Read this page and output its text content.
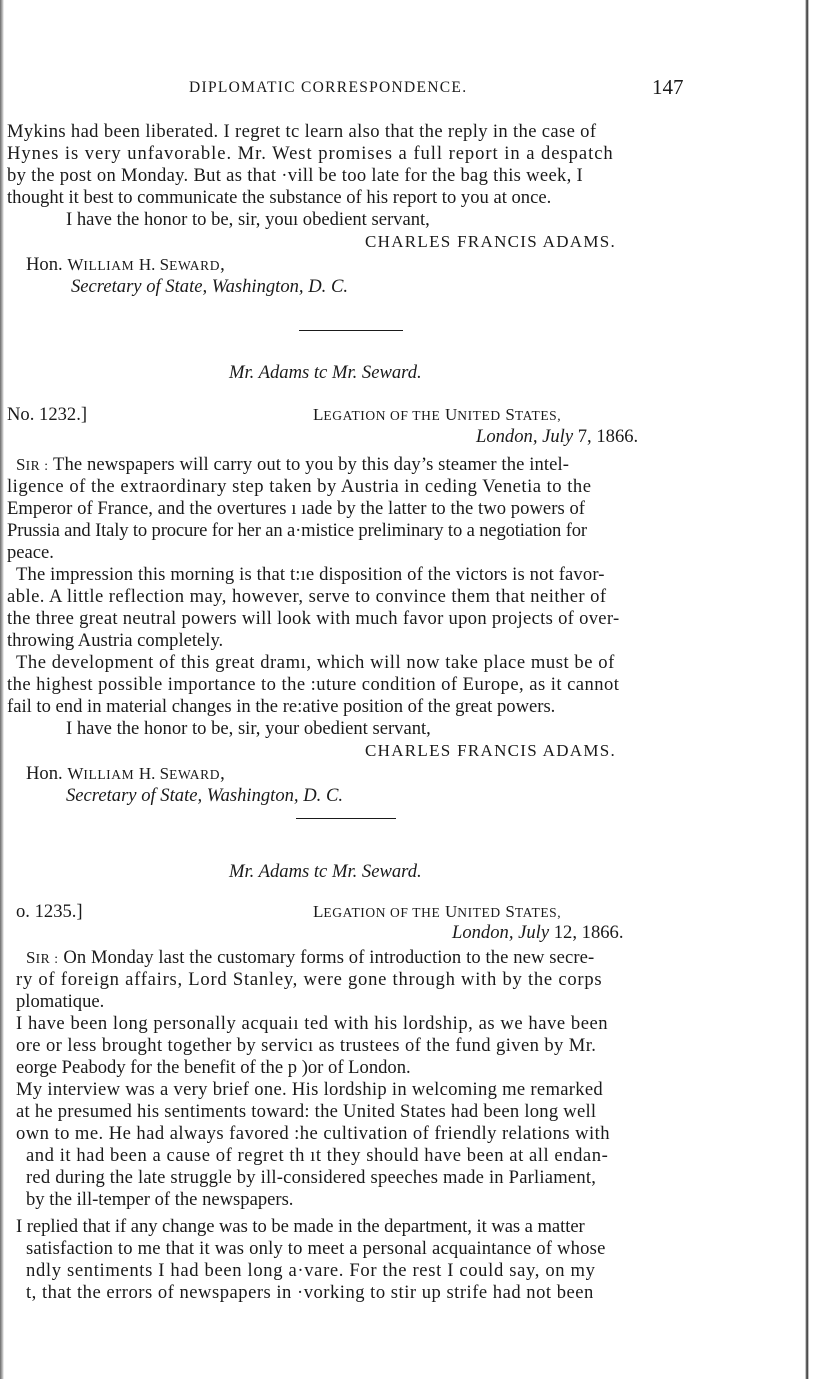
DIPLOMATIC CORRESPONDENCE.	147
Mykins had been liberated. I regret tc learn also that the reply in the case of
Hynes is very unfavorable. Mr. West promises a full report in a despatch
by the post on Monday. But as that ·vill be too late for the bag this week, I
thought it best to communicate the substance of his report to you at once.
I have the honor to be, sir, youı obedient servant,
CHARLES FRANCIS ADAMS.
Hon. WILLIAM H. SEWARD,
Secretary of State, Washington, D. C.
Mr. Adams tc Mr. Seward.
No. 1232.]	LEGATION OF THE UNITED STATES,
London, July 7, 1866.
SIR : The newspapers will carry out to you by this day’s steamer the intel-
ligence of the extraordinary step taken by Austria in ceding Venetia to the
Emperor of France, and the overtures ı ıade by the latter to the two powers of
Prussia and Italy to procure for her an a·mistice preliminary to a negotiation for
peace.
The impression this morning is that t:ıe disposition of the victors is not favor-
able. A little reflection may, however, serve to convince them that neither of
the three great neutral powers will look with much favor upon projects of over-
throwing Austria completely.
The development of this great dramı, which will now take place must be of
the highest possible importance to the :uture condition of Europe, as it cannot
fail to end in material changes in the re:ative position of the great powers.
I have the honor to be, sir, your obedient servant,
CHARLES FRANCIS ADAMS.
Hon. WILLIAM H. SEWARD,
Secretary of State, Washington, D. C.
Mr. Adams tc Mr. Seward.
o. 1235.]	LEGATION OF THE UNITED STATES,
London, July 12, 1866.
SIR : On Monday last the customary forms of introduction to the new secre-
ry of foreign affairs, Lord Stanley, were gone through with by the corps
plomatique.
I have been long personally acquaiı ted with his lordship, as we have been
ore or less brought together by servicı as trustees of the fund given by Mr.
eorge Peabody for the benefit of the p )or of London.
My interview was a very brief one. His lordship in welcoming me remarked
at he presumed his sentiments toward: the United States had been long well
own to me. He had always favored :he cultivation of friendly relations with
and it had been a cause of regret th ıt they should have been at all endan-
red during the late struggle by ill-considered speeches made in Parliament,
by the ill-temper of the newspapers.
I replied that if any change was to be made in the department, it was a matter
satisfaction to me that it was only to meet a personal acquaintance of whose
ndly sentiments I had been long a·vare. For the rest I could say, on my
t, that the errors of newspapers in ·vorking to stir up strife had not been
